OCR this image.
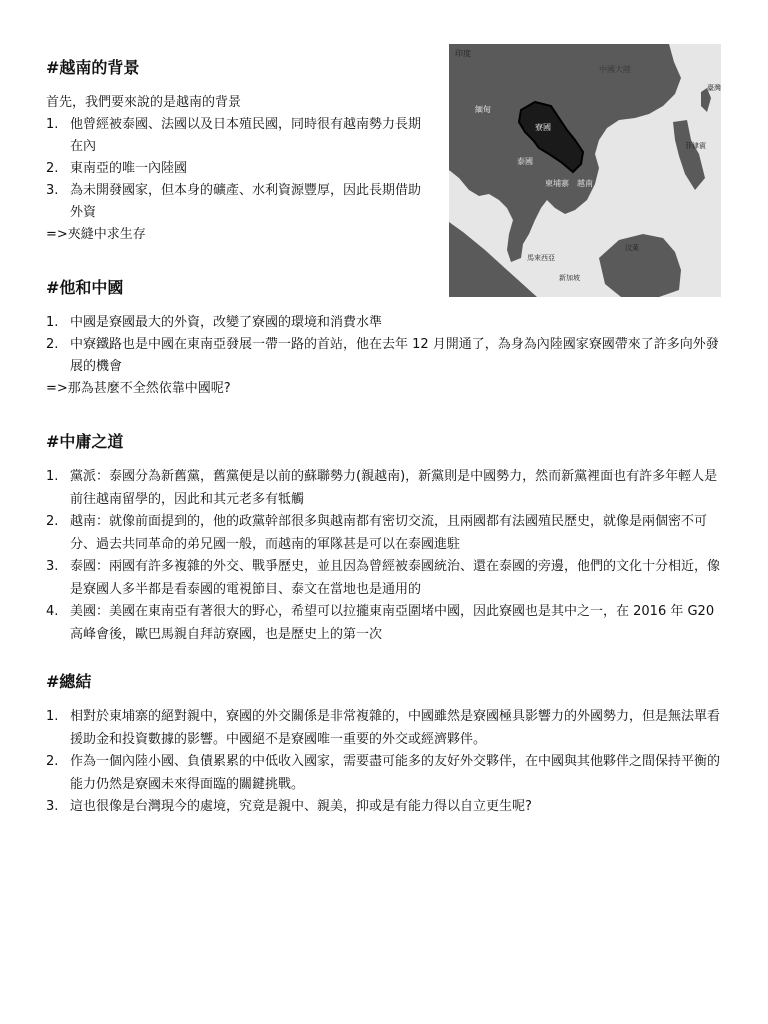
#越南的背景

首先，我們要來說的是越南的背景

1. 他曾經被泰國、法國以及日本殖民國，同時很有越南勢力長期在內
2. 東南亞的唯一內陸國
3. 為未開發國家，但本身的礦產、水利資源豐厚，因此長期借助外資

=>夾縫中求生存

印度
中國大陸
臺灣
緬甸
寮國
泰國
柬埔寨 越南
菲律賓
馬來西亞
新加坡
汶萊
#他和中國
1. 中國是寮國最大的外資，改變了寮國的環境和消費水準
2. 中寮鐵路也是中國在東南亞發展一帶一路的首站，他在去年 12 月開通了，為身為內陸國家寮國帶來了許多向外發展的機會

=>那為甚麼不全然依靠中國呢?

#中庸之道
1. 黨派：泰國分為新舊黨，舊黨便是以前的蘇聯勢力(親越南)，新黨則是中國勢力，然而新黨裡面也有許多年輕人是前往越南留學的，因此和其元老多有牴觸
2. 越南：就像前面提到的，他的政黨幹部很多與越南都有密切交流，且兩國都有法國殖民歷史，就像是兩個密不可分、過去共同革命的弟兄國一般，而越南的軍隊甚是可以在泰國進駐
3. 泰國：兩國有許多複雜的外交、戰爭歷史，並且因為曾經被泰國統治、還在泰國的旁邊，他們的文化十分相近，像是寮國人多半都是看泰國的電視節目、泰文在當地也是通用的
4. 美國：美國在東南亞有著很大的野心，希望可以拉攏東南亞圍堵中國，因此寮國也是其中之一，在 2016 年 G20 高峰會後，歐巴馬親自拜訪寮國，也是歷史上的第一次
#總結
1. 相對於東埔寨的絕對親中，寮國的外交關係是非常複雜的，中國雖然是寮國極具影響力的外國勢力，但是無法單看援助金和投資數據的影響。中國絕不是寮國唯一重要的外交或經濟夥伴。
2. 作為一個內陸小國、負債累累的中低收入國家，需要盡可能多的友好外交夥伴，在中國與其他夥伴之間保持平衡的能力仍然是寮國未來得面臨的關鍵挑戰。
3. 這也很像是台灣現今的處境，究竟是親中、親美，抑或是有能力得以自立更生呢?
